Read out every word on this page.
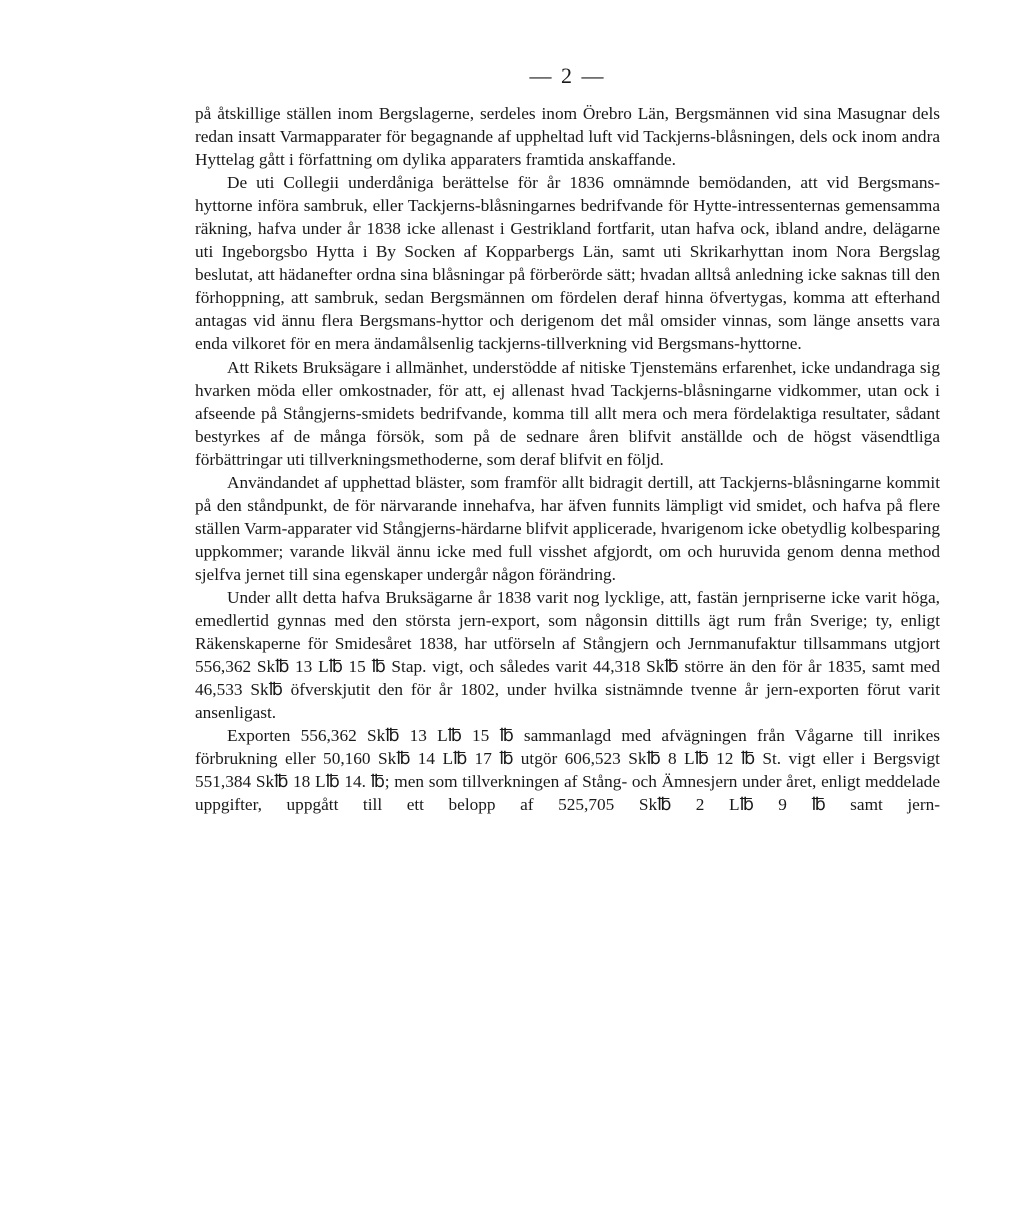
— 2 —

på åtskillige ställen inom Bergslagerne, serdeles inom Örebro Län, Bergsmännen vid sina Masugnar dels redan insatt Varmapparater för begagnande af uppheltad luft vid Tackjerns-blåsningen, dels ock inom andra Hyttelag gått i författning om dylika apparaters framtida anskaffande.

De uti Collegii underdåniga berättelse för år 1836 omnämnde bemödanden, att vid Bergsmans-hyttorne införa sambruk, eller Tackjerns-blåsningarnes bedrifvande för Hytte-intressenternas gemensamma räkning, hafva under år 1838 icke allenast i Gestrikland fortfarit, utan hafva ock, ibland andre, delägarne uti Ingeborgsbo Hytta i By Socken af Kopparbergs Län, samt uti Skrikarhyttan inom Nora Bergslag beslutat, att hädanefter ordna sina blåsningar på förberörde sätt; hvadan alltså anledning icke saknas till den förhoppning, att sambruk, sedan Bergsmännen om fördelen deraf hinna öfvertygas, komma att efterhand antagas vid ännu flera Bergsmans-hyttor och derigenom det mål omsider vinnas, som länge ansetts vara enda vilkoret för en mera ändamålsenlig tackjerns-tillverkning vid Bergsmans-hyttorne.

Att Rikets Bruksägare i allmänhet, understödde af nitiske Tjenstemäns erfarenhet, icke undandraga sig hvarken möda eller omkostnader, för att, ej allenast hvad Tackjerns-blåsningarne vidkommer, utan ock i afseende på Stångjerns-smidets bedrifvande, komma till allt mera och mera fördelaktiga resultater, sådant bestyrkes af de många försök, som på de sednare åren blifvit anställde och de högst väsendtliga förbättringar uti tillverkningsmethoderne, som deraf blifvit en följd.

Användandet af upphettad bläster, som framför allt bidragit dertill, att Tackjerns-blåsningarne kommit på den ståndpunkt, de för närvarande innehafva, har äfven funnits lämpligt vid smidet, och hafva på flere ställen Varm-apparater vid Stångjerns-härdarne blifvit applicerade, hvarigenom icke obetydlig kolbesparing uppkommer; varande likväl ännu icke med full visshet afgjordt, om och huruvida genom denna method sjelfva jernet till sina egenskaper undergår någon förändring.

Under allt detta hafva Bruksägarne år 1838 varit nog lycklige, att, fastän jernpriserne icke varit höga, emedlertid gynnas med den största jern-export, som någonsin dittills ägt rum från Sverige; ty, enligt Räkenskaperne för Smidesåret 1838, har utförseln af Stångjern och Jernmanufaktur tillsammans utgjort 556,362 Sk℔ 13 L℔ 15 ℔ Stap. vigt, och således varit 44,318 Sk℔ större än den för år 1835, samt med 46,533 Sk℔ öfverskjutit den för år 1802, under hvilka sistnämnde tvenne år jern-exporten förut varit ansenligast.

Exporten 556,362 Sk℔ 13 L℔ 15 ℔ sammanlagd med afvägningen från Vågarne till inrikes förbrukning eller 50,160 Sk℔ 14 L℔ 17 ℔ utgör 606,523 Sk℔ 8 L℔ 12 ℔ St. vigt eller i Bergsvigt 551,384 Sk℔ 18 L℔ 14. ℔; men som tillverkningen af Stång- och Ämnesjern under året, enligt meddelade uppgifter, uppgått till ett belopp af 525,705 Sk℔ 2 L℔ 9 ℔ samt jern-
